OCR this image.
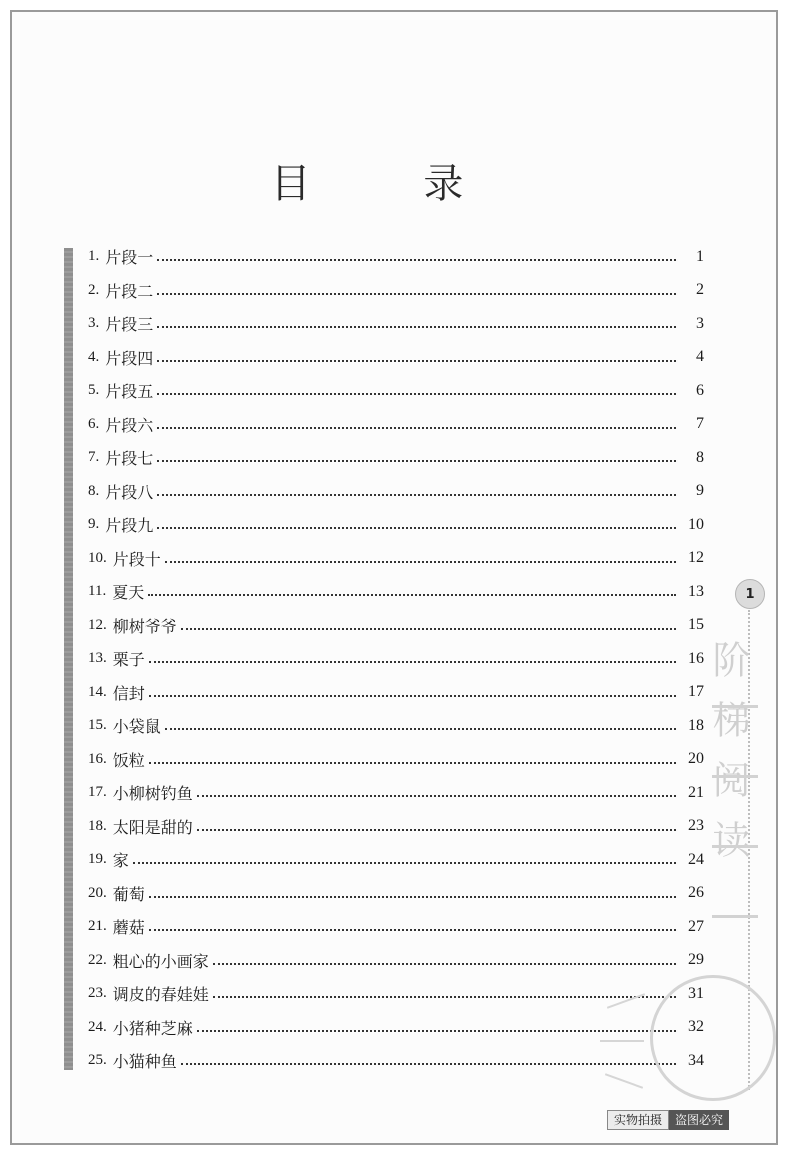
目 录
1. 片段一	1
2. 片段二	2
3. 片段三	3
4. 片段四	4
5. 片段五	6
6. 片段六	7
7. 片段七	8
8. 片段八	9
9. 片段九	10
10. 片段十	12
11. 夏天	13
12. 柳树爷爷	15
13. 栗子	16
14. 信封	17
15. 小袋鼠	18
16. 饭粒	20
17. 小柳树钓鱼	21
18. 太阳是甜的	23
19. 家	24
20. 葡萄	26
21. 蘑菇	27
22. 粗心的小画家	29
23. 调皮的春娃娃	31
24. 小猪种芝麻	32
25. 小猫种鱼	34
1
阶梯阅读
实物拍摄	盗图必究
